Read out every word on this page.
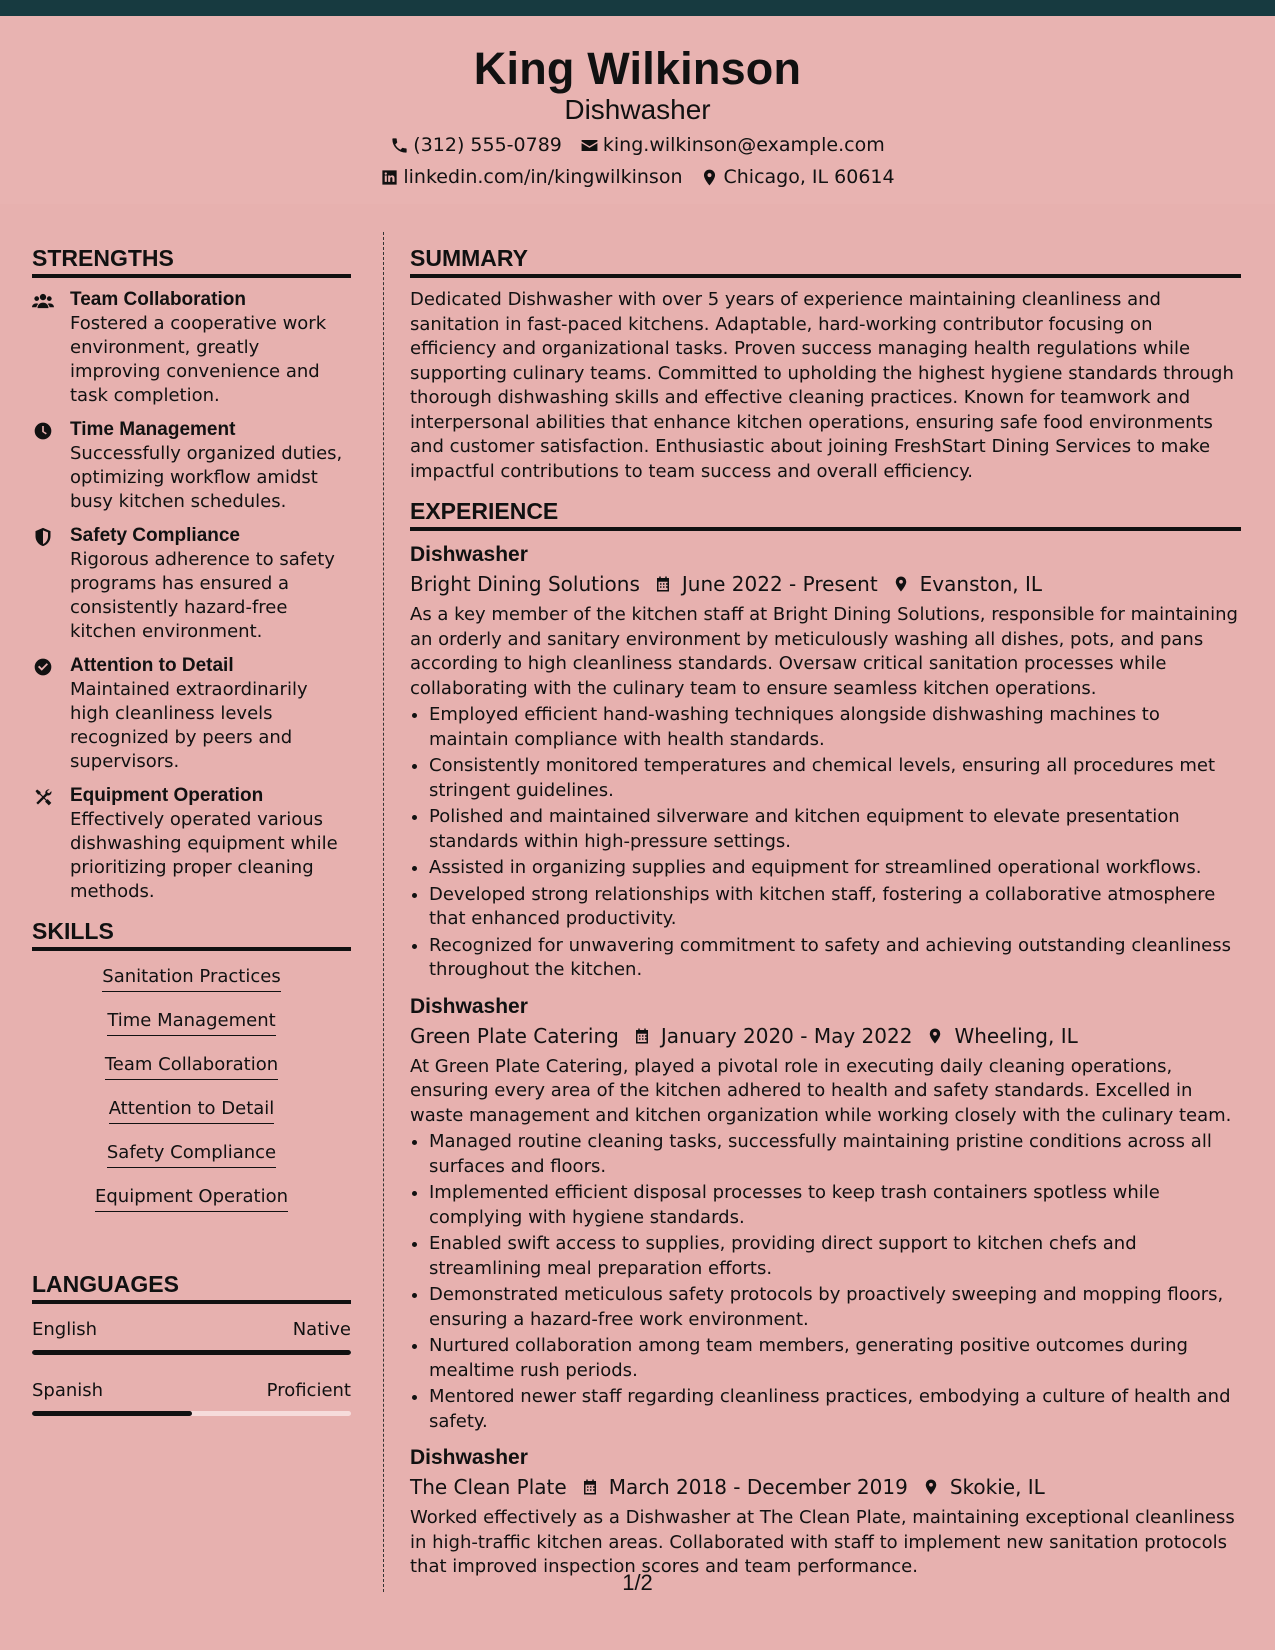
King Wilkinson
Dishwasher
(312) 555-0789 king.wilkinson@example.com
linkedin.com/in/kingwilkinson Chicago, IL 60614
STRENGTHS
Team Collaboration
Fostered a cooperative work environment, greatly improving convenience and task completion.
Time Management
Successfully organized duties, optimizing workflow amidst busy kitchen schedules.
Safety Compliance
Rigorous adherence to safety programs has ensured a consistently hazard-free kitchen environment.
Attention to Detail
Maintained extraordinarily high cleanliness levels recognized by peers and supervisors.
Equipment Operation
Effectively operated various dishwashing equipment while prioritizing proper cleaning methods.
SKILLS
Sanitation Practices
Time Management
Team Collaboration
Attention to Detail
Safety Compliance
Equipment Operation
LANGUAGES
English	Native
Spanish	Proficient
SUMMARY

Dedicated Dishwasher with over 5 years of experience maintaining cleanliness and sanitation in fast-paced kitchens. Adaptable, hard-working contributor focusing on efficiency and organizational tasks. Proven success managing health regulations while supporting culinary teams. Committed to upholding the highest hygiene standards through thorough dishwashing skills and effective cleaning practices. Known for teamwork and interpersonal abilities that enhance kitchen operations, ensuring safe food environments and customer satisfaction. Enthusiastic about joining FreshStart Dining Services to make impactful contributions to team success and overall efficiency.

EXPERIENCE
Dishwasher
Bright Dining Solutions June 2022 - Present Evanston, IL

As a key member of the kitchen staff at Bright Dining Solutions, responsible for maintaining an orderly and sanitary environment by meticulously washing all dishes, pots, and pans according to high cleanliness standards. Oversaw critical sanitation processes while collaborating with the culinary team to ensure seamless kitchen operations.

• Employed efficient hand-washing techniques alongside dishwashing machines to maintain compliance with health standards.
• Consistently monitored temperatures and chemical levels, ensuring all procedures met stringent guidelines.
• Polished and maintained silverware and kitchen equipment to elevate presentation standards within high-pressure settings.
• Assisted in organizing supplies and equipment for streamlined operational workflows.
• Developed strong relationships with kitchen staff, fostering a collaborative atmosphere that enhanced productivity.
• Recognized for unwavering commitment to safety and achieving outstanding cleanliness throughout the kitchen.
Dishwasher
Green Plate Catering January 2020 - May 2022 Wheeling, IL

At Green Plate Catering, played a pivotal role in executing daily cleaning operations, ensuring every area of the kitchen adhered to health and safety standards. Excelled in waste management and kitchen organization while working closely with the culinary team.

• Managed routine cleaning tasks, successfully maintaining pristine conditions across all surfaces and floors.
• Implemented efficient disposal processes to keep trash containers spotless while complying with hygiene standards.
• Enabled swift access to supplies, providing direct support to kitchen chefs and streamlining meal preparation efforts.
• Demonstrated meticulous safety protocols by proactively sweeping and mopping floors, ensuring a hazard-free work environment.
• Nurtured collaboration among team members, generating positive outcomes during mealtime rush periods.
• Mentored newer staff regarding cleanliness practices, embodying a culture of health and safety.
Dishwasher
The Clean Plate March 2018 - December 2019 Skokie, IL

Worked effectively as a Dishwasher at The Clean Plate, maintaining exceptional cleanliness in high-traffic kitchen areas. Collaborated with staff to implement new sanitation protocols that improved inspection scores and team performance.

1/2
